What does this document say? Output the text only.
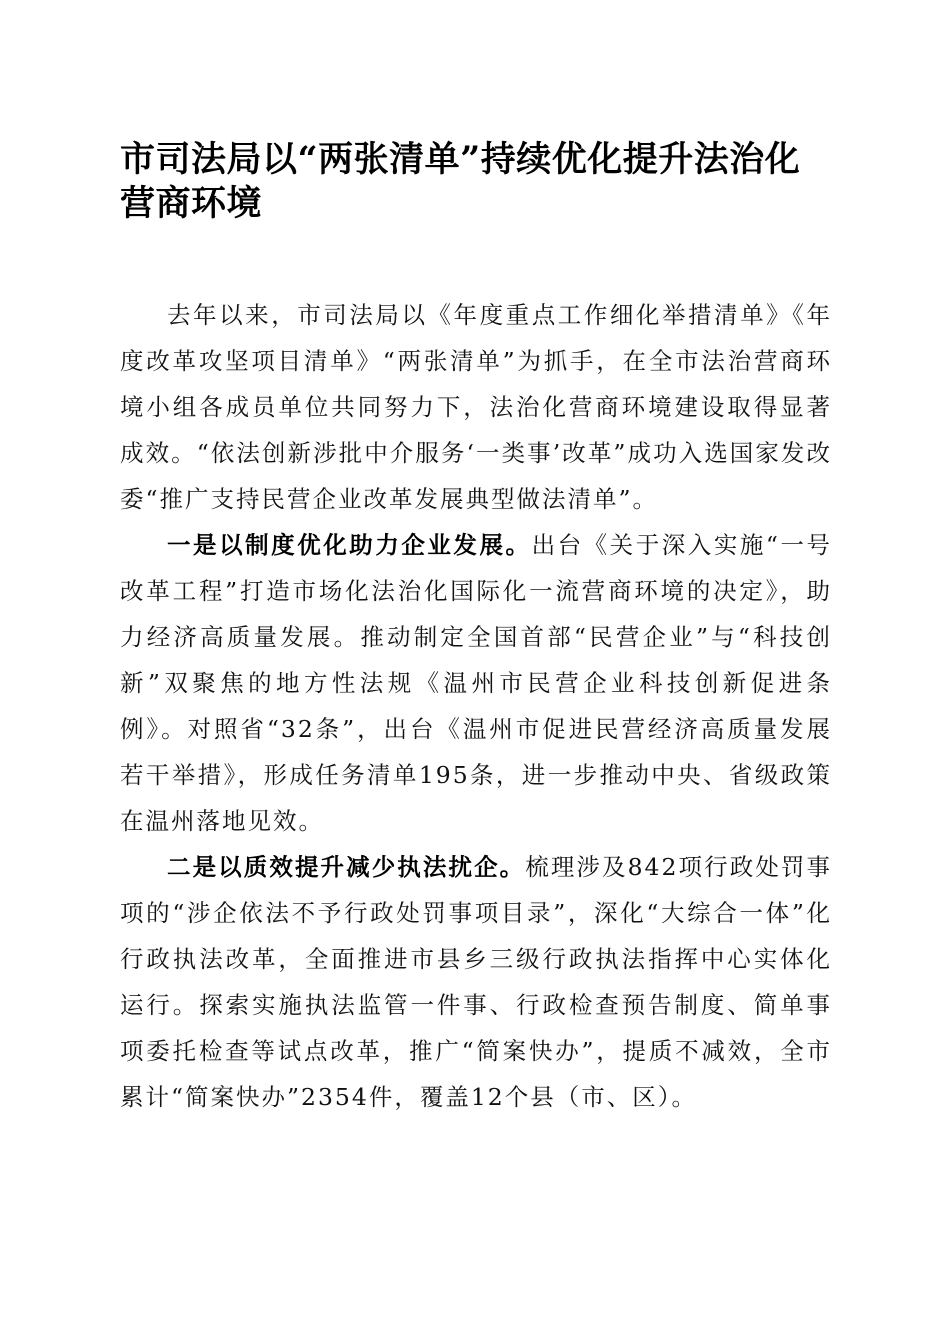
市司法局以“两张清单”持续优化提升法治化营商环境

去年以来，市司法局以《年度重点工作细化举措清单》《年度改革攻坚项目清单》“两张清单”为抓手，在全市法治营商环境小组各成员单位共同努力下，法治化营商环境建设取得显著成效。“依法创新涉批中介服务‘一类事’改革”成功入选国家发改委“推广支持民营企业改革发展典型做法清单”。

一是以制度优化助力企业发展。出台《关于深入实施“一号改革工程”打造市场化法治化国际化一流营商环境的决定》，助力经济高质量发展。推动制定全国首部“民营企业”与“科技创新”双聚焦的地方性法规《温州市民营企业科技创新促进条例》。对照省“32条”，出台《温州市促进民营经济高质量发展若干举措》，形成任务清单195条，进一步推动中央、省级政策在温州落地见效。

二是以质效提升减少执法扰企。梳理涉及842项行政处罚事项的“涉企依法不予行政处罚事项目录”，深化“大综合一体”化行政执法改革，全面推进市县乡三级行政执法指挥中心实体化运行。探索实施执法监管一件事、行政检查预告制度、简单事项委托检查等试点改革，推广“简案快办”，提质不减效，全市累计“简案快办”2354件，覆盖12个县（市、区）。
